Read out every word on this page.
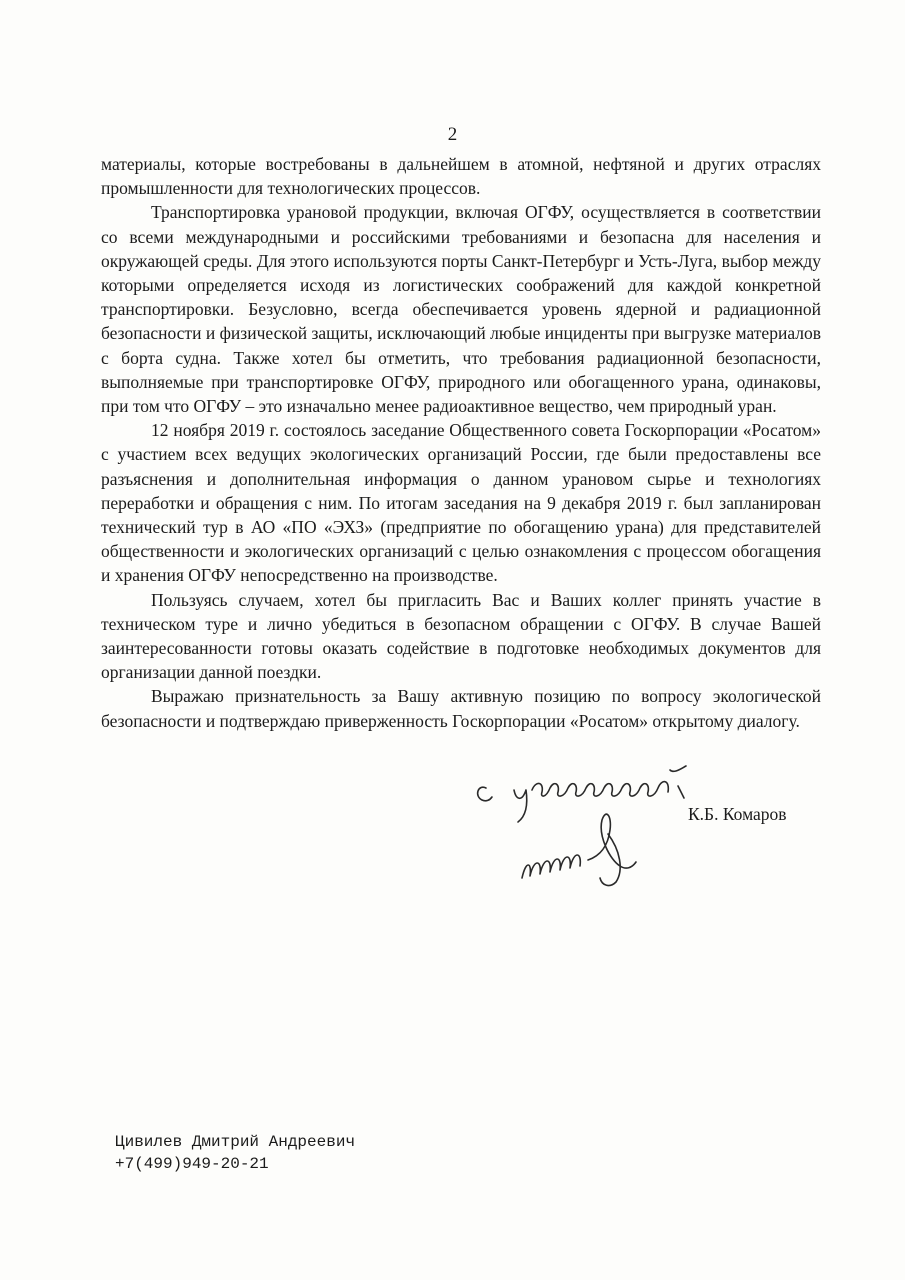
2

материалы, которые востребованы в дальнейшем в атомной, нефтяной и других отраслях промышленности для технологических процессов.

Транспортировка урановой продукции, включая ОГФУ, осуществляется в соответствии со всеми международными и российскими требованиями и безопасна для населения и окружающей среды. Для этого используются порты Санкт-Петербург и Усть-Луга, выбор между которыми определяется исходя из логистических соображений для каждой конкретной транспортировки. Безусловно, всегда обеспечивается уровень ядерной и радиационной безопасности и физической защиты, исключающий любые инциденты при выгрузке материалов с борта судна. Также хотел бы отметить, что требования радиационной безопасности, выполняемые при транспортировке ОГФУ, природного или обогащенного урана, одинаковы, при том что ОГФУ – это изначально менее радиоактивное вещество, чем природный уран.

12 ноября 2019 г. состоялось заседание Общественного совета Госкорпорации «Росатом» с участием всех ведущих экологических организаций России, где были предоставлены все разъяснения и дополнительная информация о данном урановом сырье и технологиях переработки и обращения с ним. По итогам заседания на 9 декабря 2019 г. был запланирован технический тур в АО «ПО «ЭХЗ» (предприятие по обогащению урана) для представителей общественности и экологических организаций с целью ознакомления с процессом обогащения и хранения ОГФУ непосредственно на производстве.

Пользуясь случаем, хотел бы пригласить Вас и Ваших коллег принять участие в техническом туре и лично убедиться в безопасном обращении с ОГФУ. В случае Вашей заинтересованности готовы оказать содействие в подготовке необходимых документов для организации данной поездки.

Выражаю признательность за Вашу активную позицию по вопросу экологической безопасности и подтверждаю приверженность Госкорпорации «Росатом» открытому диалогу.

К.Б. Комаров
Цивилев Дмитрий Андреевич
+7(499)949-20-21
